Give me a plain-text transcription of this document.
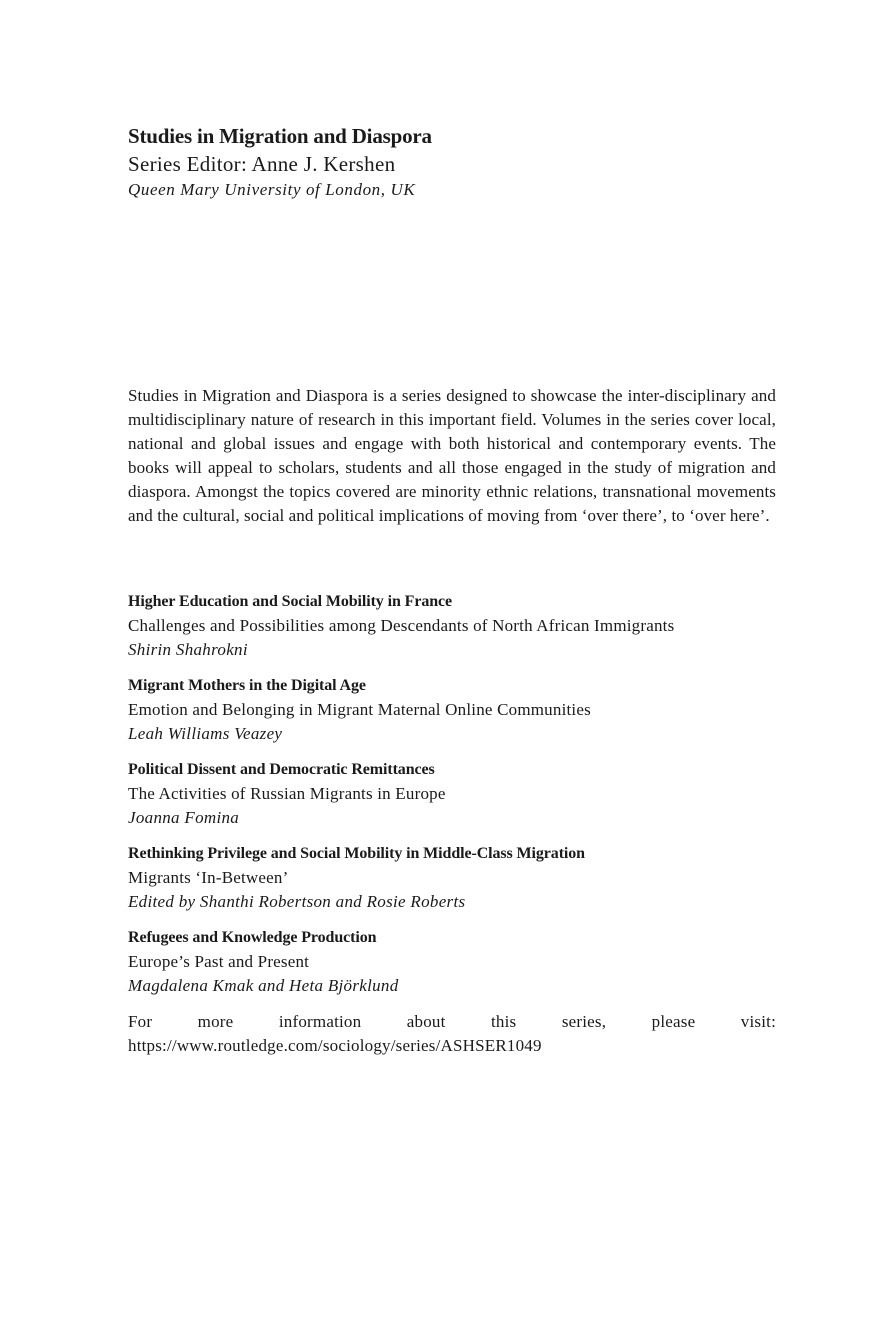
Studies in Migration and Diaspora

Series Editor: Anne J. Kershen

Queen Mary University of London, UK

Studies in Migration and Diaspora is a series designed to showcase the inter-disciplinary and multidisciplinary nature of research in this important field. Volumes in the series cover local, national and global issues and engage with both historical and contemporary events. The books will appeal to scholars, students and all those engaged in the study of migration and diaspora. Amongst the topics covered are minority ethnic relations, transnational movements and the cultural, social and political implications of moving from ‘over there’, to ‘over here’.

Higher Education and Social Mobility in France

Challenges and Possibilities among Descendants of North African Immigrants

Shirin Shahrokni

Migrant Mothers in the Digital Age

Emotion and Belonging in Migrant Maternal Online Communities

Leah Williams Veazey

Political Dissent and Democratic Remittances

The Activities of Russian Migrants in Europe

Joanna Fomina

Rethinking Privilege and Social Mobility in Middle-Class Migration

Migrants ‘In-Between’

Edited by Shanthi Robertson and Rosie Roberts

Refugees and Knowledge Production

Europe’s Past and Present

Magdalena Kmak and Heta Björklund

For more information about this series, please visit: https://www.routledge.com/sociology/series/ASHSER1049
